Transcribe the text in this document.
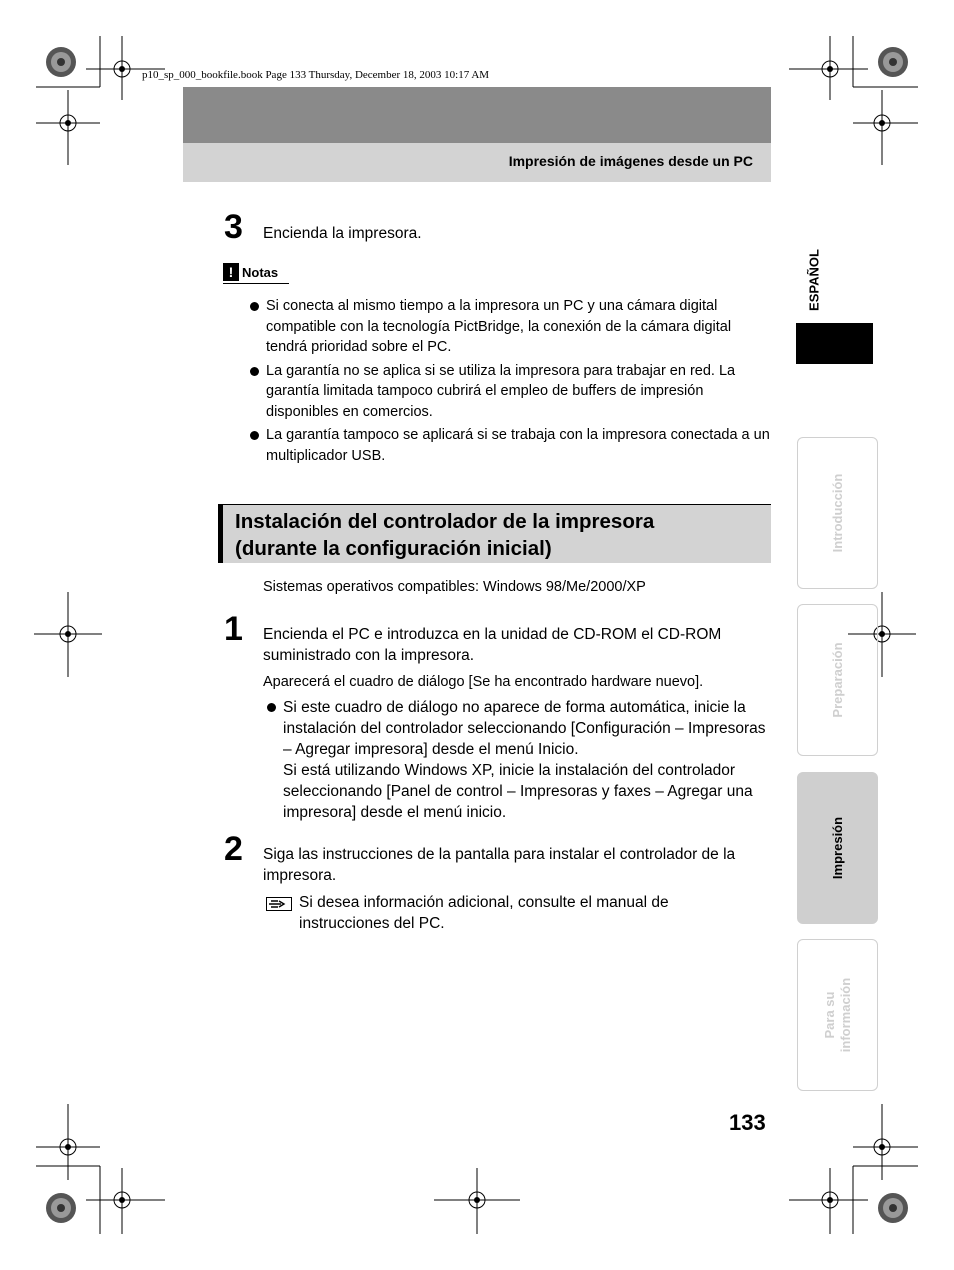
p10_sp_000_bookfile.book Page 133 Thursday, December 18, 2003 10:17 AM
Impresión de imágenes desde un PC
3 Encienda la impresora.
! Notas
Si conecta al mismo tiempo a la impresora un PC y una cámara digital compatible con la tecnología PictBridge, la conexión de la cámara digital tendrá prioridad sobre el PC.
La garantía no se aplica si se utiliza la impresora para trabajar en red. La garantía limitada tampoco cubrirá el empleo de buffers de impresión disponibles en comercios.
La garantía tampoco se aplicará si se trabaja con la impresora conectada a un multiplicador USB.
Instalación del controlador de la impresora
(durante la configuración inicial)
Sistemas operativos compatibles: Windows 98/Me/2000/XP
1 Encienda el PC e introduzca en la unidad de CD-ROM el CD-ROM suministrado con la impresora.
Aparecerá el cuadro de diálogo [Se ha encontrado hardware nuevo].
Si este cuadro de diálogo no aparece de forma automática, inicie la instalación del controlador seleccionando [Configuración – Impresoras – Agregar impresora] desde el menú Inicio.
Si está utilizando Windows XP, inicie la instalación del controlador seleccionando [Panel de control – Impresoras y faxes – Agregar una impresora] desde el menú inicio.
2 Siga las instrucciones de la pantalla para instalar el controlador de la impresora.
Si desea información adicional, consulte el manual de instrucciones del PC.
ESPAÑOL
Introducción
Preparación
Impresión
Para su información
133
